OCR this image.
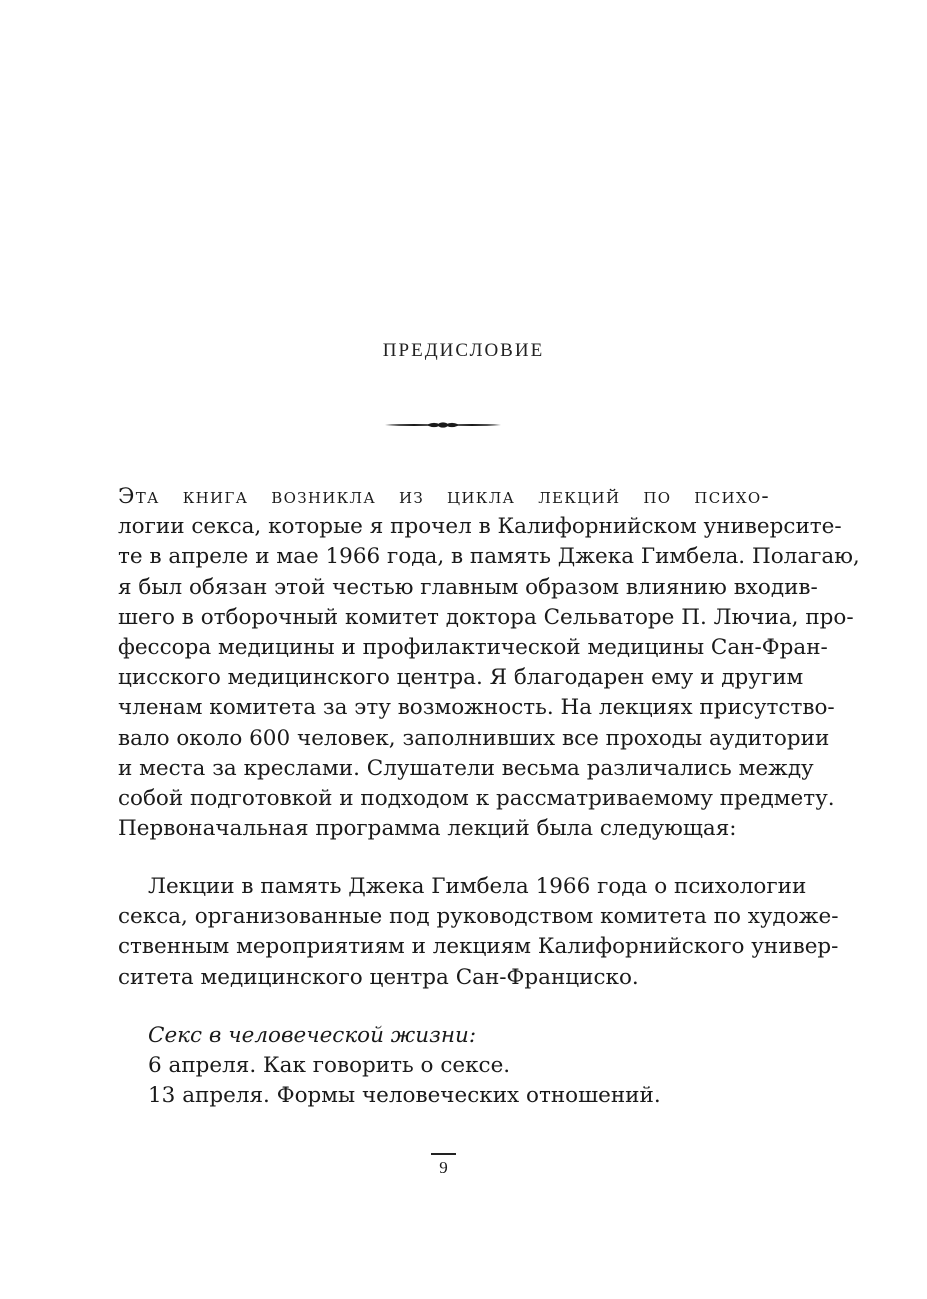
ПРЕДИСЛОВИЕ
Эта книга возникла из цикла лекций по психо-
логии секса, которые я прочел в Калифорнийском университе-
те в апреле и мае 1966 года, в память Джека Гимбела. Полагаю,
я был обязан этой честью главным образом влиянию входив-
шего в отборочный комитет доктора Сельваторе П. Лючиа, про-
фессора медицины и профилактической медицины Сан-Фран-
цисского медицинского центра. Я благодарен ему и другим
членам комитета за эту возможность. На лекциях присутство-
вало около 600 человек, заполнивших все проходы аудитории
и места за креслами. Слушатели весьма различались между
собой подготовкой и подходом к рассматриваемому предмету.
Первоначальная программа лекций была следующая:
Лекции в память Джека Гимбела 1966 года о психологии
секса, организованные под руководством комитета по художе-
ственным мероприятиям и лекциям Калифорнийского универ-
ситета медицинского центра Сан-Франциско.
Секс в человеческой жизни:
6 апреля. Как говорить о сексе.
13 апреля. Формы человеческих отношений.
9
